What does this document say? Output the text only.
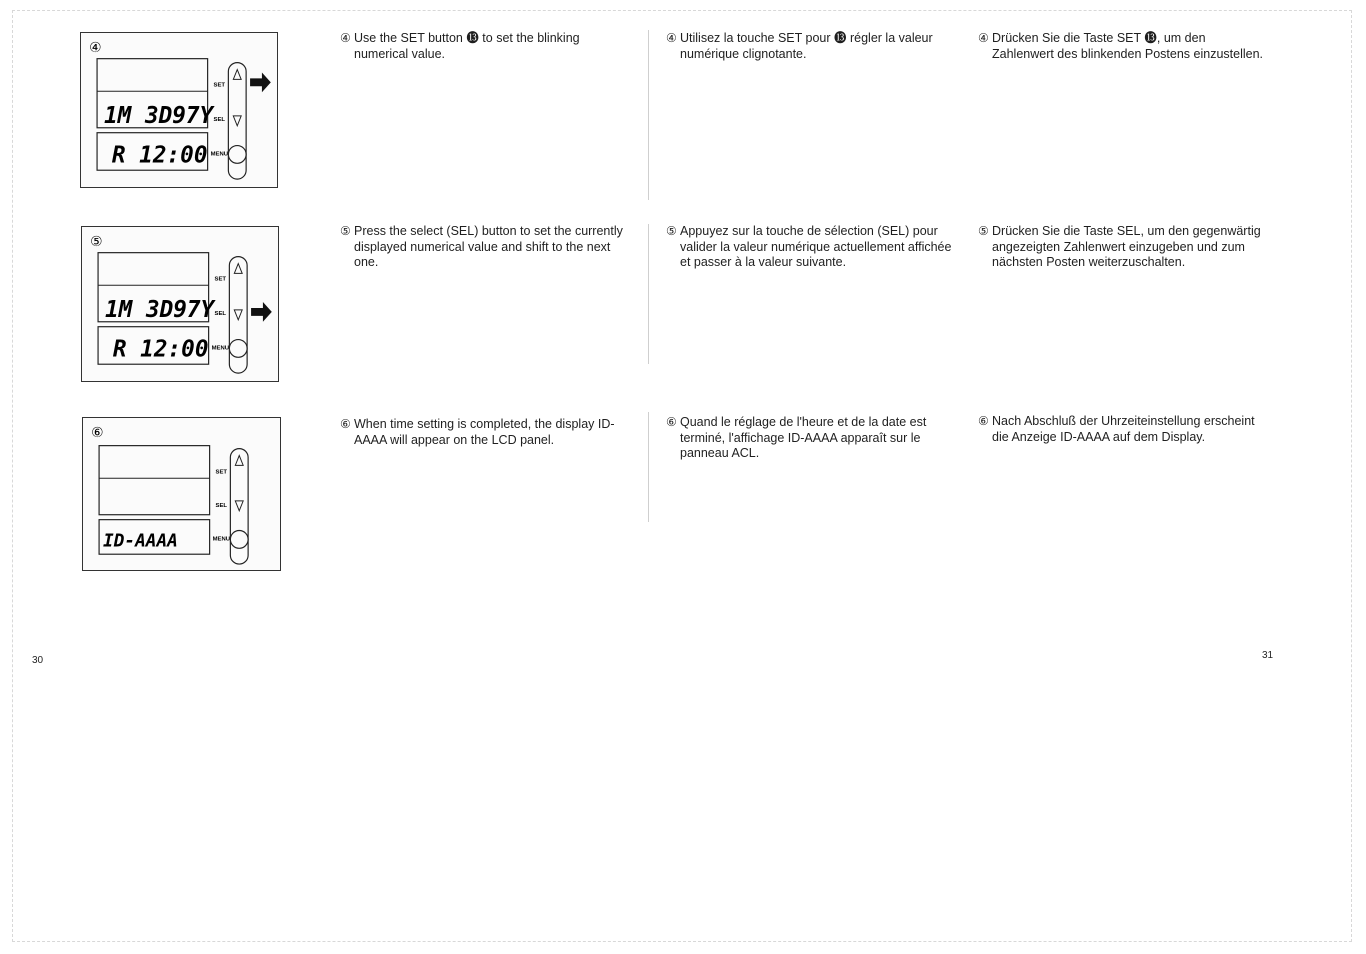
④
1M 3D97Y
R 12:00
SET
SEL
MENU
⑤
1M 3D97Y
R 12:00
SET
SEL
MENU
⑥
ID-AAAA
SET
SEL
MENU
④ Use the SET button ⓭ to set the blinking numerical value.
⑤ Press the select (SEL) button to set the currently displayed numerical value and shift to the next one.
⑥ When time setting is completed, the display ID-AAAA will appear on the LCD panel.
④ Utilisez la touche SET pour ⓭ régler la valeur numérique clignotante.
⑤ Appuyez sur la touche de sélection (SEL) pour valider la valeur numérique actuellement affichée et passer à la valeur suivante.
⑥ Quand le réglage de l'heure et de la date est terminé, l'affichage ID-AAAA apparaît sur le panneau ACL.
④ Drücken Sie die Taste SET ⓭, um den Zahlenwert des blinkenden Postens einzustellen.
⑤ Drücken Sie die Taste SEL, um den gegenwärtig angezeigten Zahlenwert einzugeben und zum nächsten Posten weiterzuschalten.
⑥ Nach Abschluß der Uhrzeiteinstellung erscheint die Anzeige ID-AAAA auf dem Display.
30	31
